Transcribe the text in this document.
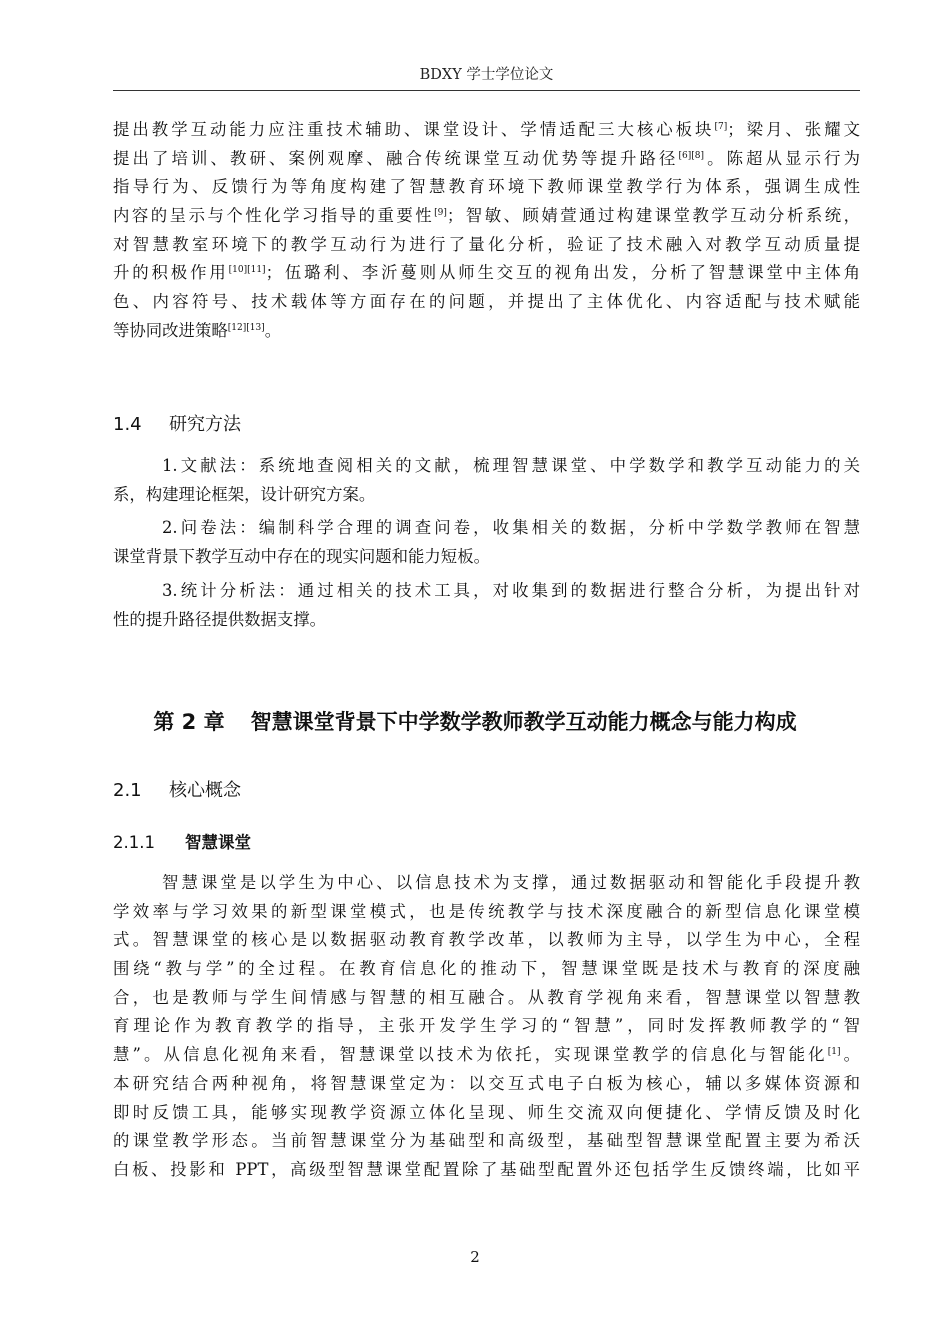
BDXY 学士学位论文
提出教学互动能力应注重技术辅助、课堂设计、学情适配三大核心板块[7]；梁月、张耀文
提出了培训、教研、案例观摩、融合传统课堂互动优势等提升路径[6][8]。陈超从显示行为
指导行为、反馈行为等角度构建了智慧教育环境下教师课堂教学行为体系，强调生成性
内容的呈示与个性化学习指导的重要性[9]；智敏、顾婧萱通过构建课堂教学互动分析系统，
对智慧教室环境下的教学互动行为进行了量化分析，验证了技术融入对教学互动质量提
升的积极作用[10][11]；伍璐利、李沂蔓则从师生交互的视角出发，分析了智慧课堂中主体角
色、内容符号、技术载体等方面存在的问题，并提出了主体优化、内容适配与技术赋能
等协同改进策略[12][13]。
1.4 研究方法
1.文献法：系统地查阅相关的文献，梳理智慧课堂、中学数学和教学互动能力的关
系，构建理论框架，设计研究方案。
2.问卷法：编制科学合理的调查问卷，收集相关的数据，分析中学数学教师在智慧
课堂背景下教学互动中存在的现实问题和能力短板。
3.统计分析法：通过相关的技术工具，对收集到的数据进行整合分析，为提出针对
性的提升路径提供数据支撑。
第 2 章 智慧课堂背景下中学数学教师教学互动能力概念与能力构成
2.1 核心概念
2.1.1 智慧课堂
智慧课堂是以学生为中心、以信息技术为支撑，通过数据驱动和智能化手段提升教
学效率与学习效果的新型课堂模式，也是传统教学与技术深度融合的新型信息化课堂模
式。智慧课堂的核心是以数据驱动教育教学改革，以教师为主导，以学生为中心，全程
围绕“教与学”的全过程。在教育信息化的推动下，智慧课堂既是技术与教育的深度融
合，也是教师与学生间情感与智慧的相互融合。从教育学视角来看，智慧课堂以智慧教
育理论作为教育教学的指导，主张开发学生学习的“智慧”，同时发挥教师教学的“智
慧”。从信息化视角来看，智慧课堂以技术为依托，实现课堂教学的信息化与智能化[1]。
本研究结合两种视角，将智慧课堂定为：以交互式电子白板为核心，辅以多媒体资源和
即时反馈工具，能够实现教学资源立体化呈现、师生交流双向便捷化、学情反馈及时化
的课堂教学形态。当前智慧课堂分为基础型和高级型，基础型智慧课堂配置主要为希沃
白板、投影和 PPT，高级型智慧课堂配置除了基础型配置外还包括学生反馈终端，比如平
2
